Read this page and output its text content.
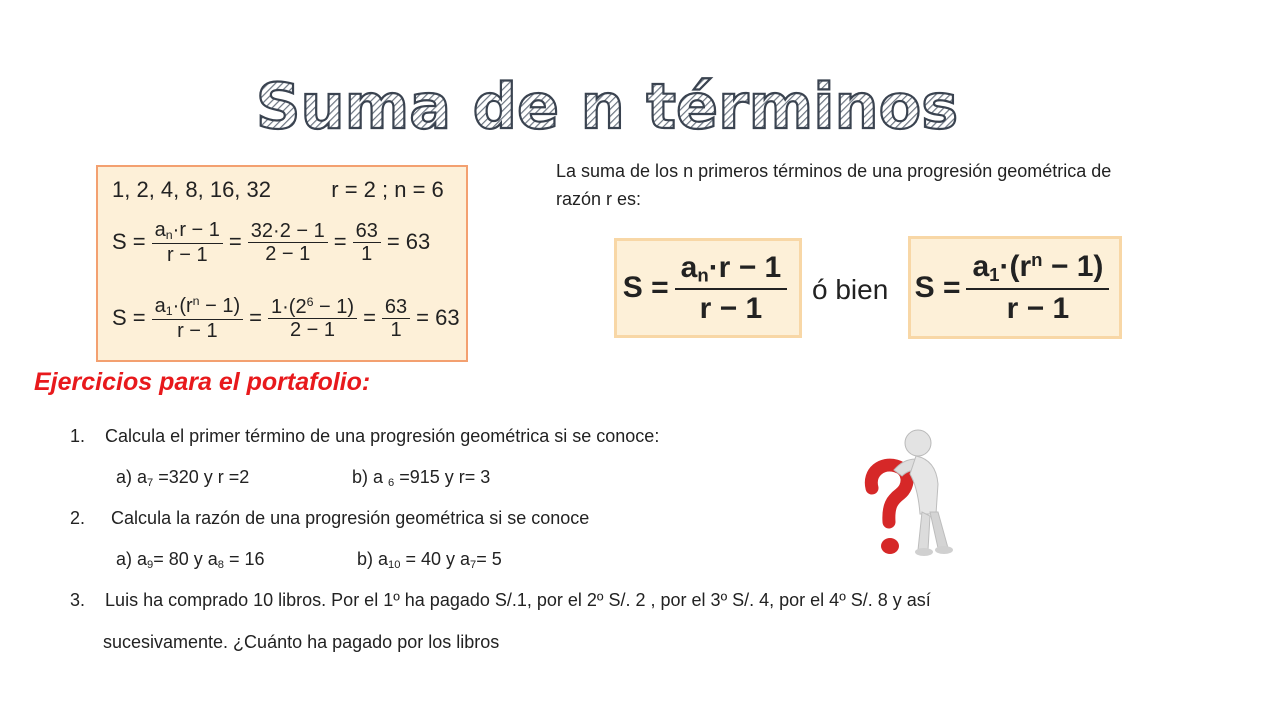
Suma de n términos
1, 2, 4, 8, 16, 32	r = 2 ; n = 6
$S = \frac{a_n\cdot r - 1}{r - 1} = \frac{32\cdot 2 - 1}{2 - 1} = \frac{63}{1} = 63$
$S = \frac{a_1\cdot(r^n - 1)}{r - 1} = \frac{1\cdot(2^6 - 1)}{2 - 1} = \frac{63}{1} = 63$
La suma de los n primeros términos de una progresión geométrica de razón r es:
$S = \frac{a_n\cdot r - 1}{r - 1}$ ó bien $S = \frac{a_1\cdot(r^n - 1)}{r - 1}$
Ejercicios para el portafolio:
1. Calcula el primer término de una progresión geométrica si se conoce:
a) $a_7 =320$ y r =2	b) a $_6$ =915 y r= 3
2. Calcula la razón de una progresión geométrica si se conoce
a) $a_9= 80$ y $a_8 = 16$	b) $a_{10} = 40$ y $a_7= 5$
3. Luis ha comprado 10 libros. Por el 1º ha pagado S/.1, por el 2º S/. 2 , por el 3º S/. 4, por el 4º S/. 8 y así
sucesivamente. ¿Cuánto ha pagado por los libros
